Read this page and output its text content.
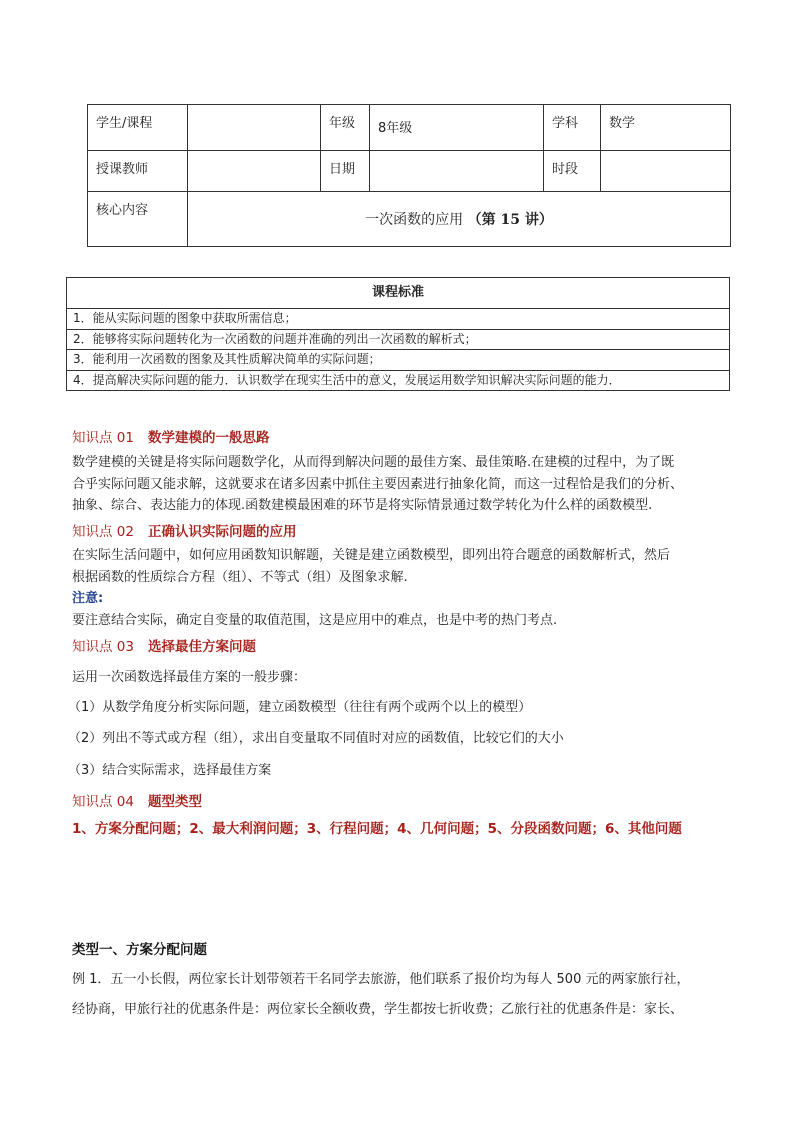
学生/课程		年级	8年级	学科	数学
授课教师		日期		时段	
核心内容	一次函数的应用 （第 15 讲）				
课程标准
1．能从实际问题的图象中获取所需信息；
2．能够将实际问题转化为一次函数的问题并准确的列出一次函数的解析式；
3．能利用一次函数的图象及其性质解决简单的实际问题；
4．提高解决实际问题的能力．认识数学在现实生活中的意义，发展运用数学知识解决实际问题的能力．
知识点 01 数学建模的一般思路
数学建模的关键是将实际问题数学化，从而得到解决问题的最佳方案、最佳策略.在建模的过程中，为了既
合乎实际问题又能求解，这就要求在诸多因素中抓住主要因素进行抽象化简，而这一过程恰是我们的分析、
抽象、综合、表达能力的体现.函数建模最困难的环节是将实际情景通过数学转化为什么样的函数模型.
知识点 02 正确认识实际问题的应用
在实际生活问题中，如何应用函数知识解题，关键是建立函数模型，即列出符合题意的函数解析式，然后
根据函数的性质综合方程（组）、不等式（组）及图象求解.
注意:
要注意结合实际，确定自变量的取值范围，这是应用中的难点，也是中考的热门考点.
知识点 03 选择最佳方案问题
运用一次函数选择最佳方案的一般步骤：
（1）从数学角度分析实际问题，建立函数模型（往往有两个或两个以上的模型）
（2）列出不等式或方程（组），求出自变量取不同值时对应的函数值，比较它们的大小
（3）结合实际需求，选择最佳方案
知识点 04 题型类型
1、方案分配问题；2、最大利润问题；3、行程问题；4、几何问题；5、分段函数问题；6、其他问题
类型一、方案分配问题
例 1．五一小长假，两位家长计划带领若干名同学去旅游，他们联系了报价均为每人 500 元的两家旅行社，
经协商，甲旅行社的优惠条件是：两位家长全额收费，学生都按七折收费；乙旅行社的优惠条件是：家长、
